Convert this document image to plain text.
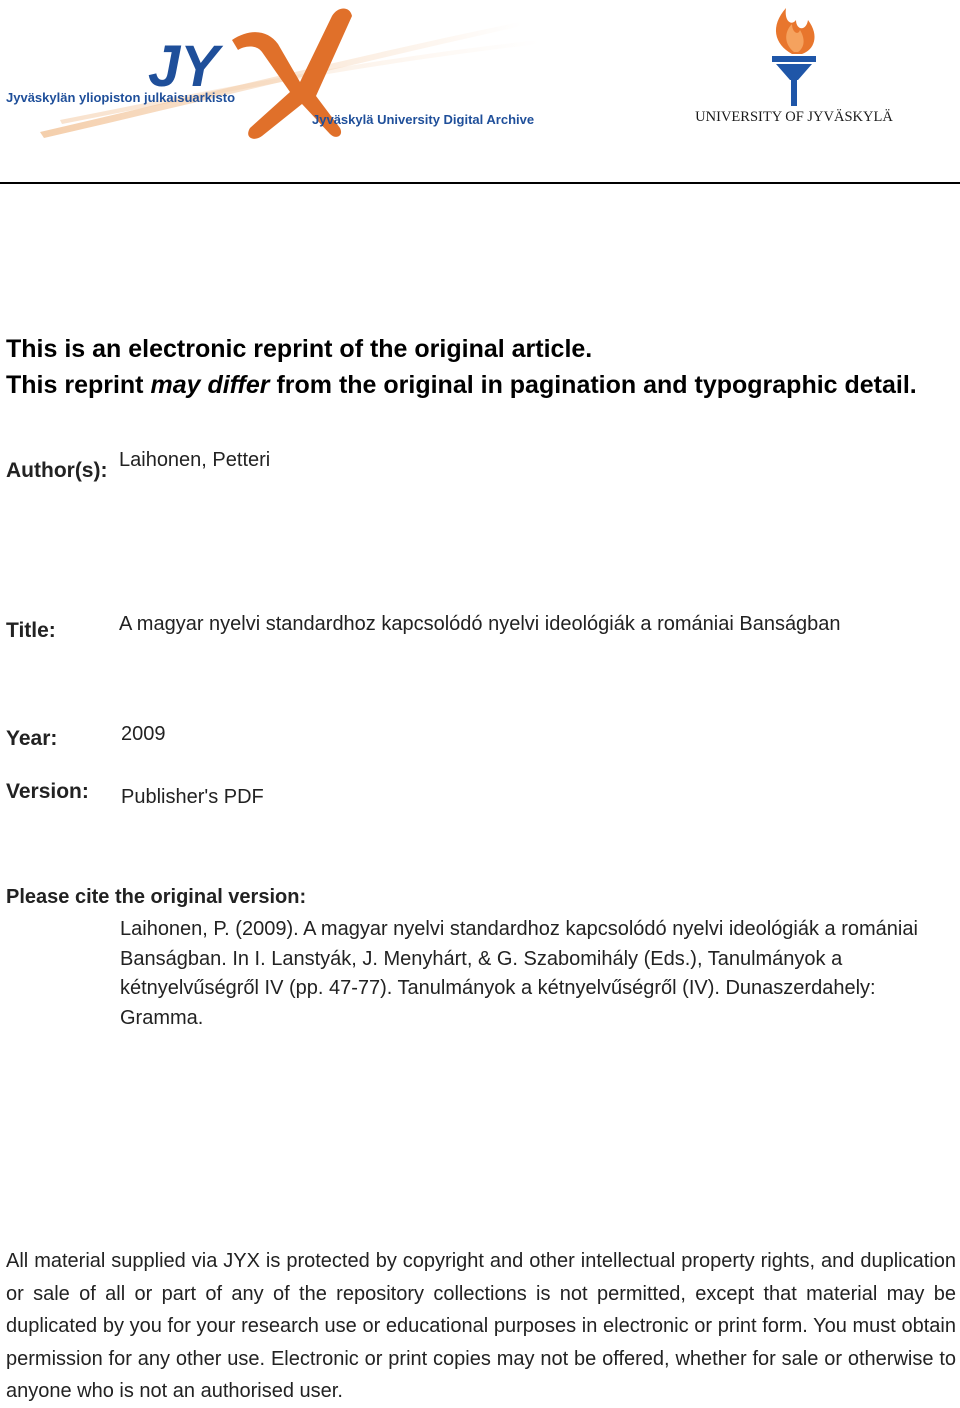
JY
X
Jyväskylän yliopiston julkaisuarkisto
Jyväskylä University Digital Archive	UNIVERSITY OF JYVÄSKYLÄ
This is an electronic reprint of the original article.
This reprint may differ from the original in pagination and typographic detail.
Author(s): Laihonen, Petteri
Title:	A magyar nyelvi standardhoz kapcsolódó nyelvi ideológiák a romániai Banságban
Year:	2009
Version: Publisher's PDF
Please cite the original version:
Laihonen, P. (2009). A magyar nyelvi standardhoz kapcsolódó nyelvi ideológiák a romániai Banságban. In I. Lanstyák, J. Menyhárt, & G. Szabomihály (Eds.), Tanulmányok a kétnyelvűségről IV (pp. 47-77). Tanulmányok a kétnyelvűségről (IV). Dunaszerdahely: Gramma.
All material supplied via JYX is protected by copyright and other intellectual property rights, and duplication or sale of all or part of any of the repository collections is not permitted, except that material may be duplicated by you for your research use or educational purposes in electronic or print form. You must obtain permission for any other use. Electronic or print copies may not be offered, whether for sale or otherwise to anyone who is not an authorised user.
